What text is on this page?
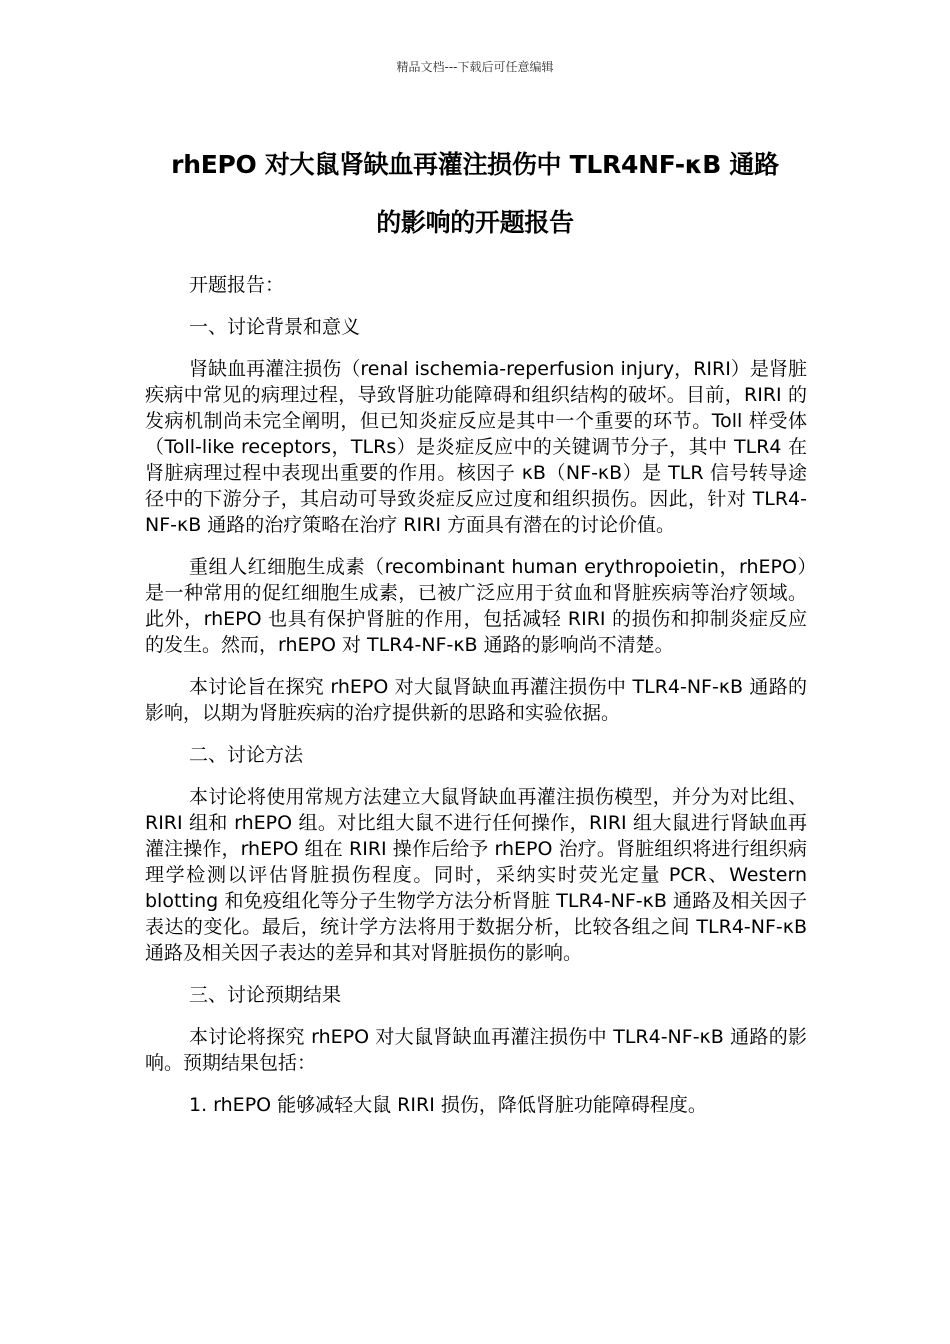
精品文档---下载后可任意编辑
rhEPO 对大鼠肾缺血再灌注损伤中 TLR4NF-κB 通路
的影响的开题报告

开题报告：

一、讨论背景和意义

肾缺血再灌注损伤（renal ischemia-reperfusion injury，RIRI）是肾脏疾病中常见的病理过程，导致肾脏功能障碍和组织结构的破坏。目前，RIRI 的发病机制尚未完全阐明，但已知炎症反应是其中一个重要的环节。Toll 样受体（Toll-like receptors，TLRs）是炎症反应中的关键调节分子，其中 TLR4 在肾脏病理过程中表现出重要的作用。核因子 κB（NF-κB）是 TLR 信号转导途径中的下游分子，其启动可导致炎症反应过度和组织损伤。因此，针对 TLR4-NF-κB 通路的治疗策略在治疗 RIRI 方面具有潜在的讨论价值。

重组人红细胞生成素（recombinant human erythropoietin，rhEPO）是一种常用的促红细胞生成素，已被广泛应用于贫血和肾脏疾病等治疗领域。此外，rhEPO 也具有保护肾脏的作用，包括减轻 RIRI 的损伤和抑制炎症反应的发生。然而，rhEPO 对 TLR4-NF-κB 通路的影响尚不清楚。

本讨论旨在探究 rhEPO 对大鼠肾缺血再灌注损伤中 TLR4-NF-κB 通路的影响，以期为肾脏疾病的治疗提供新的思路和实验依据。

二、讨论方法

本讨论将使用常规方法建立大鼠肾缺血再灌注损伤模型，并分为对比组、RIRI 组和 rhEPO 组。对比组大鼠不进行任何操作，RIRI 组大鼠进行肾缺血再灌注操作，rhEPO 组在 RIRI 操作后给予 rhEPO 治疗。肾脏组织将进行组织病理学检测以评估肾脏损伤程度。同时，采纳实时荧光定量 PCR、Western blotting 和免疫组化等分子生物学方法分析肾脏 TLR4-NF-κB 通路及相关因子表达的变化。最后，统计学方法将用于数据分析，比较各组之间 TLR4-NF-κB 通路及相关因子表达的差异和其对肾脏损伤的影响。

三、讨论预期结果

本讨论将探究 rhEPO 对大鼠肾缺血再灌注损伤中 TLR4-NF-κB 通路的影响。预期结果包括：

1. rhEPO 能够减轻大鼠 RIRI 损伤，降低肾脏功能障碍程度。
